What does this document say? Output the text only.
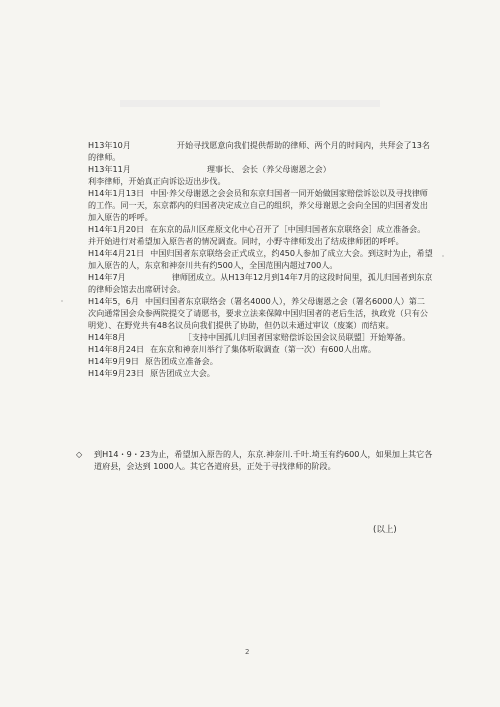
H13年10月	开始寻找愿意向我们提供帮助的律师、两个月的时间内，共拜会了13名的律师。

H13年11月	理事长、 会长（养父母谢恩之会）
利李律师，开始真正向诉讼迈出步伐。

H14年1月13日 中国·养父母谢恩之会会员和东京归国者一同开始做国家赔偿诉讼以及寻找律师的工作。同一天，东京都内的归国者决定成立自己的组织，养父母谢恩之会向全国的归国者发出加入原告的呼呼。

H14年1月20日 在东京的品川区産原文化中心召开了［中国归国者东京联络会］成立准备会。并开始进行对希望加入原告者的情况调查。同时，小野寺律师发出了结成律师团的呼呼。

H14年4月21日 中国归国者东京联络会正式成立，约450人参加了成立大会。到这时为止，希望加入原告的人，东京和神奈川共有约500人，全国范围内超过700人。

H14年7月	律师团成立。从H13年12月到14年7月的这段时间里，孤儿归国者到东京的律师会馆去出席研讨会。

H14年5，6月 中国归国者东京联络会（署名4000人），养父母谢恩之会（署名6000人）第二次向通常国会众参两院提交了请愿书，要求立法来保障中国归国者的老后生活，执政党（只有公明党）、在野党共有48名议员向我们提供了协助，但仍以未通过审议（废案）而结束。

H14年8月	［支持中国孤儿归国者国家赔偿诉讼国会议员联盟］开始筹备。

H14年8月24日 在东京和神奈川举行了集体听取调查（第一次）有600人出席。

H14年9月9日 原告团成立准备会。

H14年9月23日 原告团成立大会。

◇ 到H14・9・23为止，希望加入原告的人，东京.神奈川.千叶.埼玉有约600人，如果加上其它各道府县，会达到 1000人。其它各道府县，正处于寻找律师的阶段。
(以上)
2
